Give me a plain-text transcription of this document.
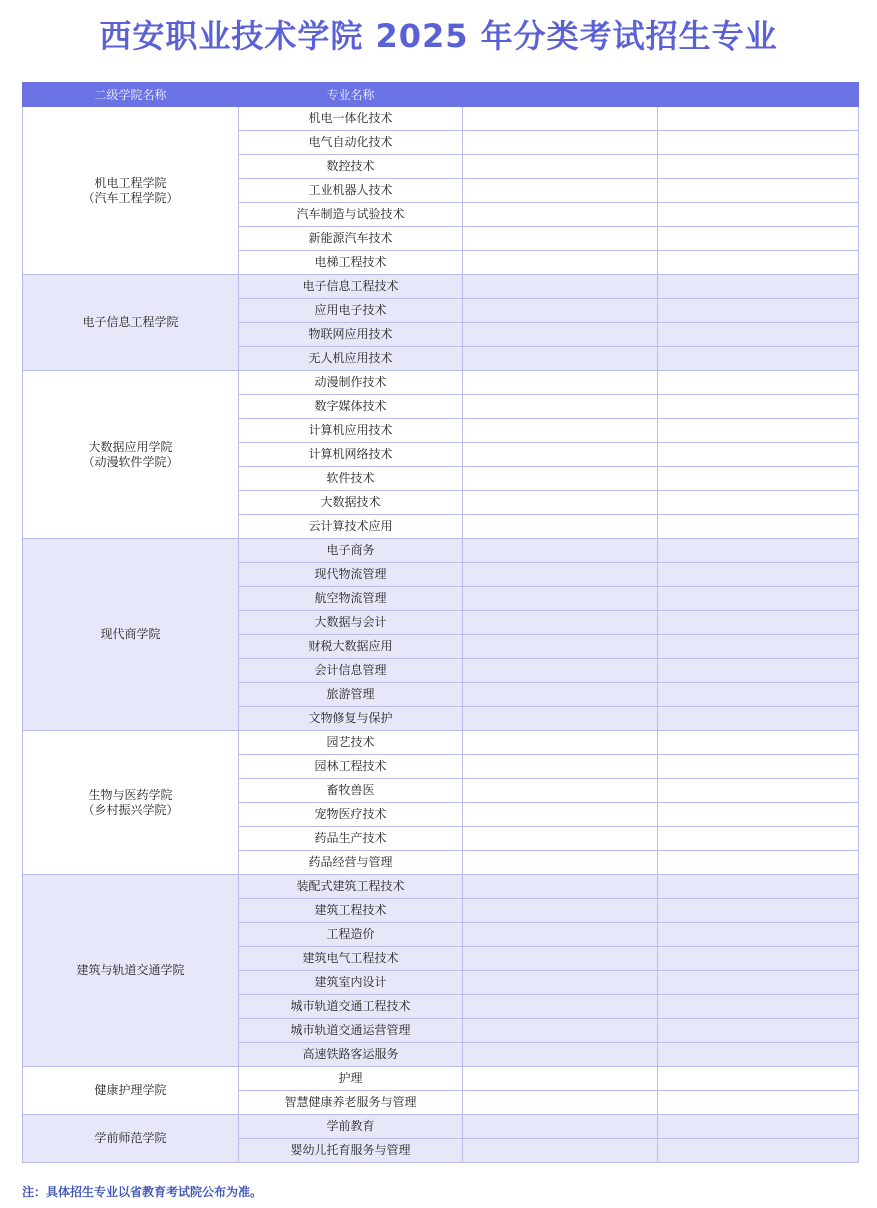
西安职业技术学院 2025 年分类考试招生专业
二级学院名称	专业名称		

机电工程学院
（汽车工程学院）	机电一体化技术		
	电气自动化技术		
	数控技术		
	工业机器人技术		
	汽车制造与试验技术		
	新能源汽车技术		
	电梯工程技术		

电子信息工程学院	电子信息工程技术		
	应用电子技术		
	物联网应用技术		
	无人机应用技术		

大数据应用学院
（动漫软件学院）	动漫制作技术		
	数字媒体技术		
	计算机应用技术		
	计算机网络技术		
	软件技术		
	大数据技术		
	云计算技术应用		

现代商学院	电子商务		
	现代物流管理		
	航空物流管理		
	大数据与会计		
	财税大数据应用		
	会计信息管理		
	旅游管理		
	文物修复与保护		

生物与医药学院
（乡村振兴学院）	园艺技术		
	园林工程技术		
	畜牧兽医		
	宠物医疗技术		
	药品生产技术		
	药品经营与管理		

建筑与轨道交通学院	装配式建筑工程技术		
	建筑工程技术		
	工程造价		
	建筑电气工程技术		
	建筑室内设计		
	城市轨道交通工程技术		
	城市轨道交通运营管理		
	高速铁路客运服务		

健康护理学院	护理		
	智慧健康养老服务与管理		

学前师范学院	学前教育		
	婴幼儿托育服务与管理		
注：具体招生专业以省教育考试院公布为准。
